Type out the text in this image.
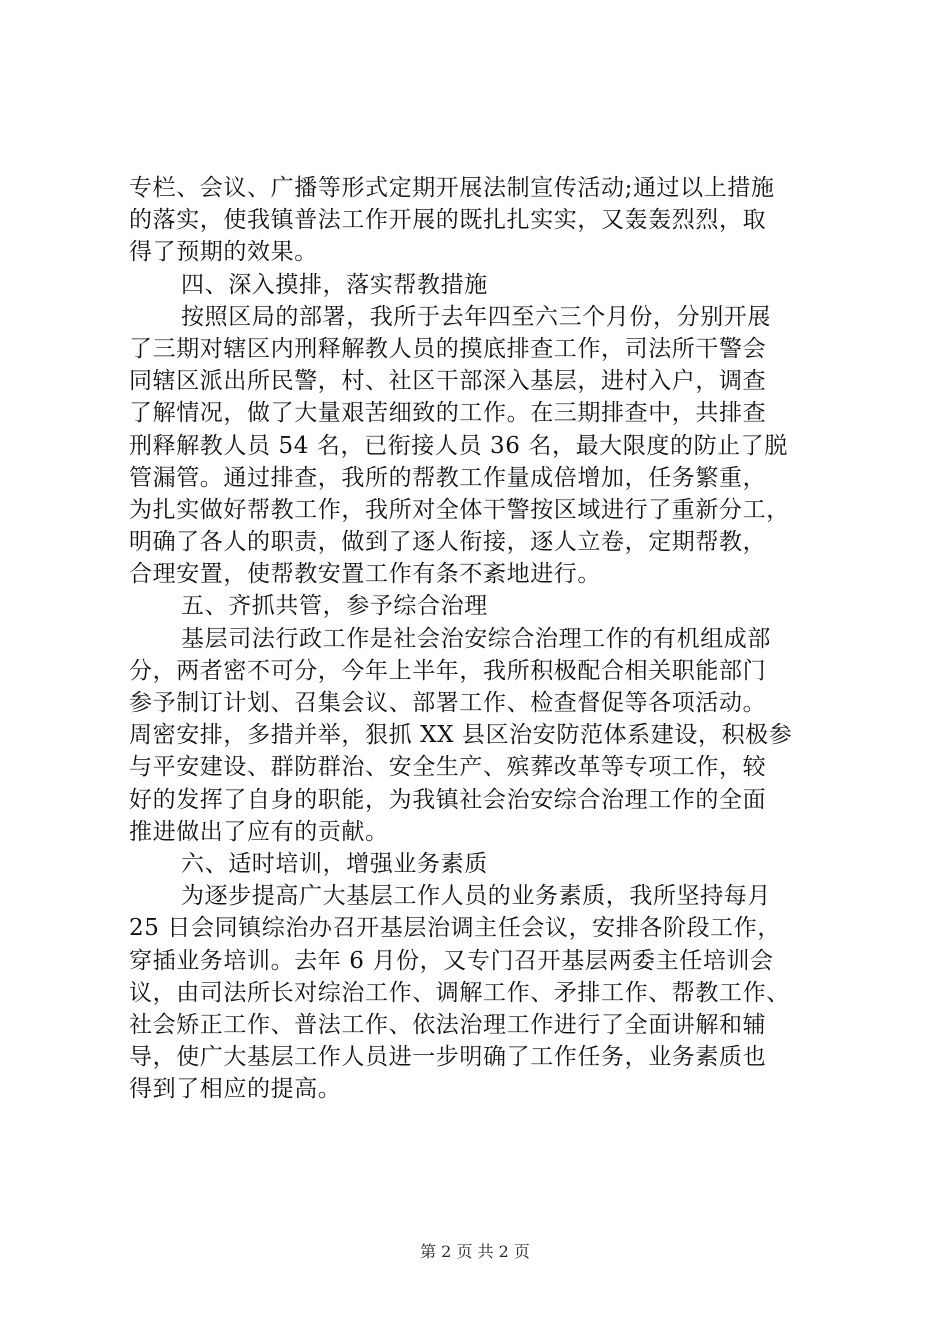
专栏、会议、广播等形式定期开展法制宣传活动;通过以上措施
的落实，使我镇普法工作开展的既扎扎实实，又轰轰烈烈，取
得了预期的效果。
四、深入摸排，落实帮教措施
按照区局的部署，我所于去年四至六三个月份，分别开展
了三期对辖区内刑释解教人员的摸底排查工作，司法所干警会
同辖区派出所民警，村、社区干部深入基层，进村入户，调查
了解情况，做了大量艰苦细致的工作。在三期排查中，共排查
刑释解教人员 54 名，已衔接人员 36 名，最大限度的防止了脱
管漏管。通过排查，我所的帮教工作量成倍增加，任务繁重，
为扎实做好帮教工作，我所对全体干警按区域进行了重新分工，
明确了各人的职责，做到了逐人衔接，逐人立卷，定期帮教，
合理安置，使帮教安置工作有条不紊地进行。
五、齐抓共管，参予综合治理
基层司法行政工作是社会治安综合治理工作的有机组成部
分，两者密不可分，今年上半年，我所积极配合相关职能部门
参予制订计划、召集会议、部署工作、检查督促等各项活动。
周密安排，多措并举，狠抓 XX 县区治安防范体系建设，积极参
与平安建设、群防群治、安全生产、殡葬改革等专项工作，较
好的发挥了自身的职能，为我镇社会治安综合治理工作的全面
推进做出了应有的贡献。
六、适时培训，增强业务素质
为逐步提高广大基层工作人员的业务素质，我所坚持每月
25 日会同镇综治办召开基层治调主任会议，安排各阶段工作，
穿插业务培训。去年 6 月份，又专门召开基层两委主任培训会
议，由司法所长对综治工作、调解工作、矛排工作、帮教工作、
社会矫正工作、普法工作、依法治理工作进行了全面讲解和辅
导，使广大基层工作人员进一步明确了工作任务，业务素质也
得到了相应的提高。
第 2 页 共 2 页
